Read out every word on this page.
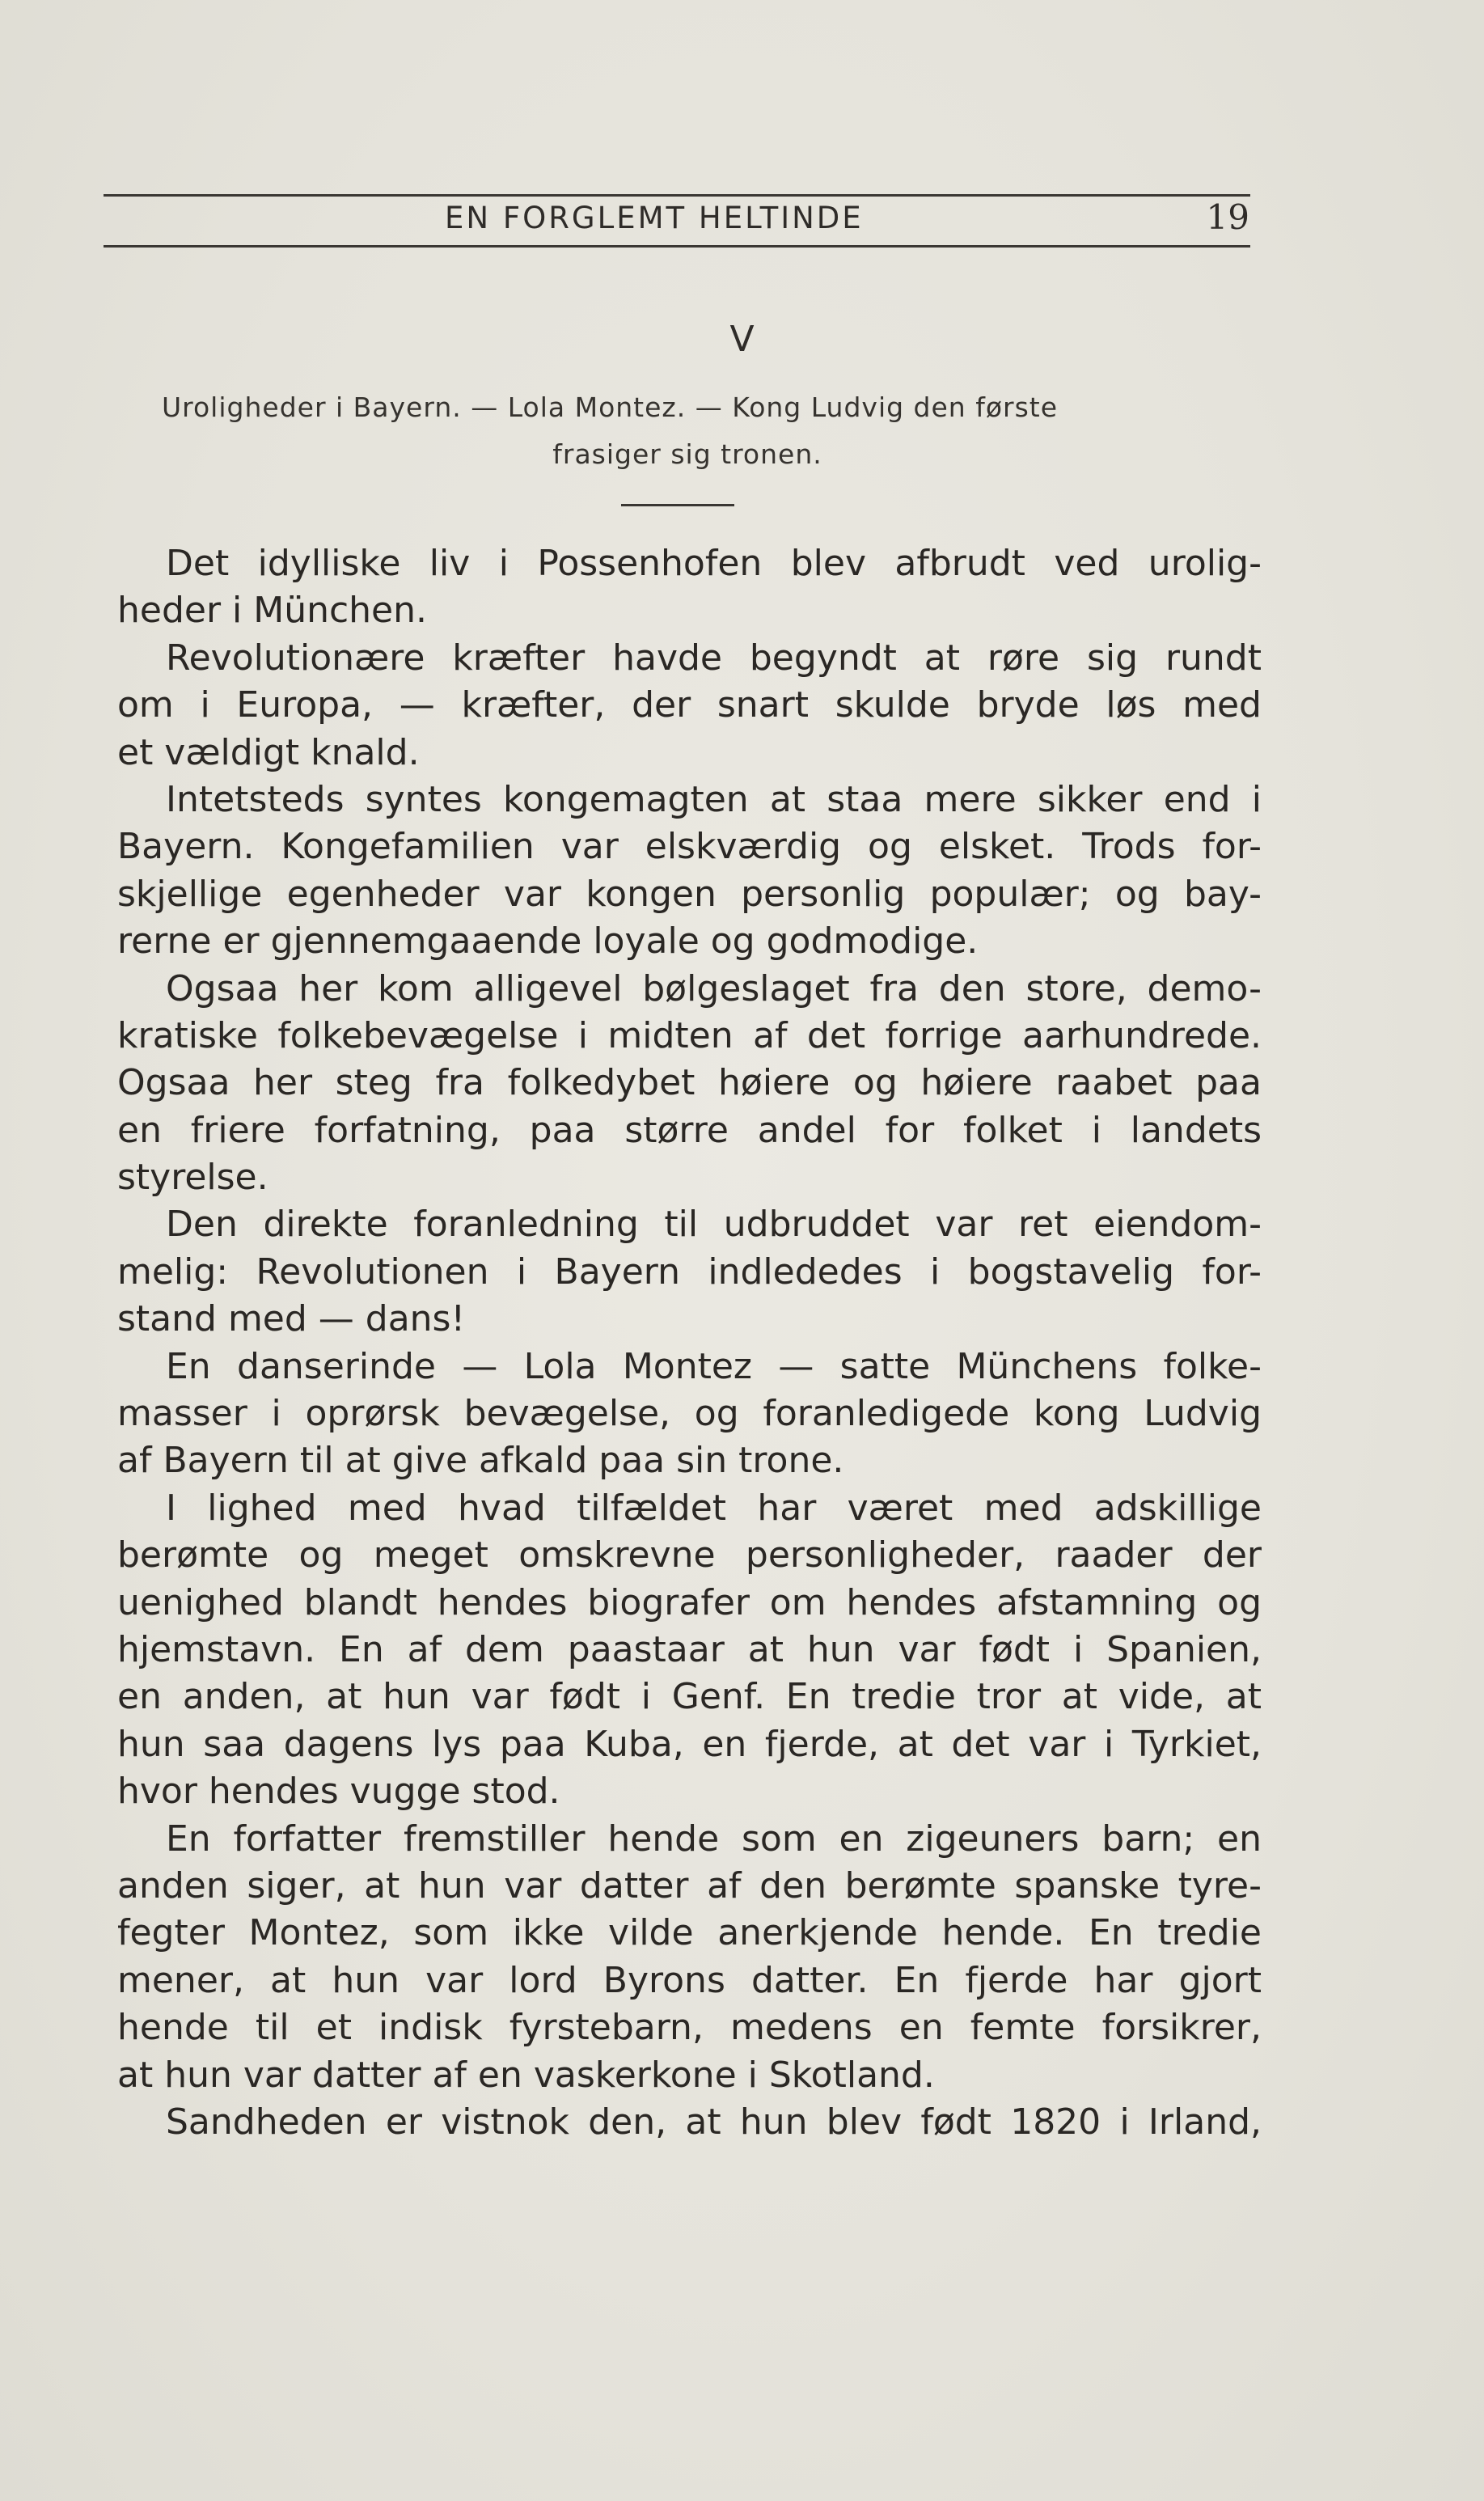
EN FORGLEMT HELTINDE	19
V
Uroligheder i Bayern. — Lola Montez. — Kong Ludvig den første
frasiger sig tronen.
Det idylliske liv i Possenhofen blev afbrudt ved urolig-
heder i München.
Revolutionære kræfter havde begyndt at røre sig rundt
om i Europa, — kræfter, der snart skulde bryde løs med
et vældigt knald.
Intetsteds syntes kongemagten at staa mere sikker end i
Bayern. Kongefamilien var elskværdig og elsket. Trods for-
skjellige egenheder var kongen personlig populær; og bay-
rerne er gjennemgaaende loyale og godmodige.
Ogsaa her kom alligevel bølgeslaget fra den store, demo-
kratiske folkebevægelse i midten af det forrige aarhundrede.
Ogsaa her steg fra folkedybet høiere og høiere raabet paa
en friere forfatning, paa større andel for folket i landets
styrelse.
Den direkte foranledning til udbruddet var ret eiendom-
melig: Revolutionen i Bayern indlededes i bogstavelig for-
stand med — dans!
En danserinde — Lola Montez — satte Münchens folke-
masser i oprørsk bevægelse, og foranledigede kong Ludvig
af Bayern til at give afkald paa sin trone.
I lighed med hvad tilfældet har været med adskillige
berømte og meget omskrevne personligheder, raader der
uenighed blandt hendes biografer om hendes afstamning og
hjemstavn. En af dem paastaar at hun var født i Spanien,
en anden, at hun var født i Genf. En tredie tror at vide, at
hun saa dagens lys paa Kuba, en fjerde, at det var i Tyrkiet,
hvor hendes vugge stod.
En forfatter fremstiller hende som en zigeuners barn; en
anden siger, at hun var datter af den berømte spanske tyre-
fegter Montez, som ikke vilde anerkjende hende. En tredie
mener, at hun var lord Byrons datter. En fjerde har gjort
hende til et indisk fyrstebarn, medens en femte forsikrer,
at hun var datter af en vaskerkone i Skotland.
Sandheden er vistnok den, at hun blev født 1820 i Irland,
